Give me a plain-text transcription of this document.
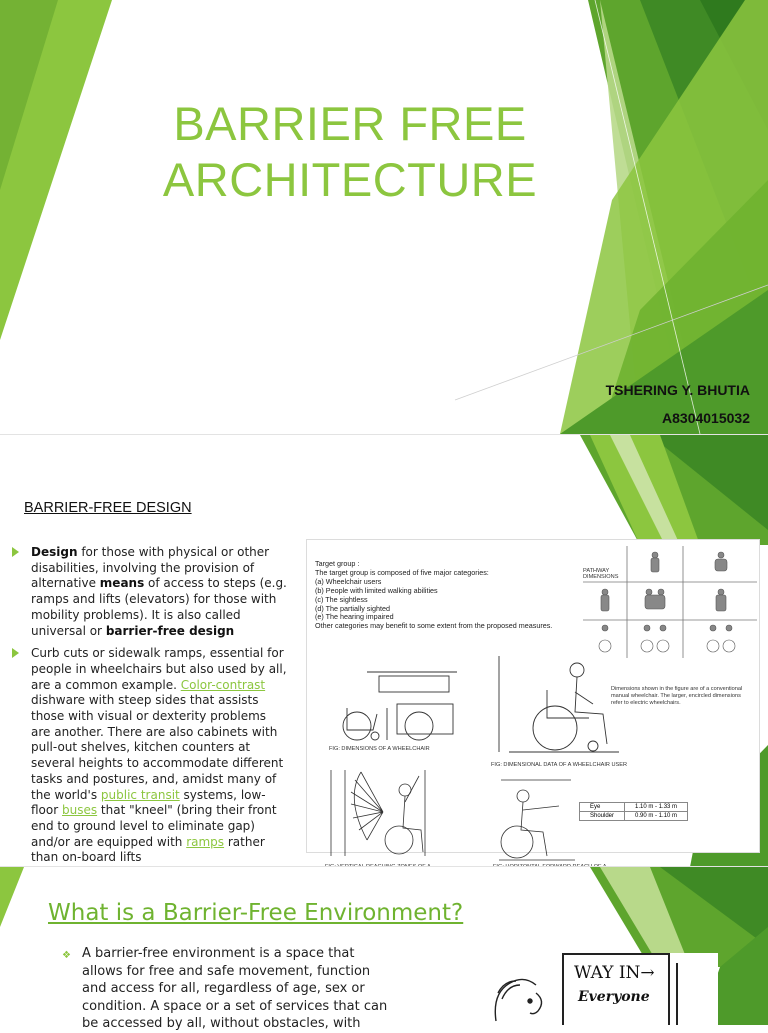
BARRIER FREE
ARCHITECTURE
TSHERING Y. BHUTIA
A8304015032
BARRIER-FREE DESIGN
Design for those with physical or other disabilities, involving the provision of alternative means of access to steps (e.g. ramps and lifts (elevators) for those with mobility problems). It is also called universal or barrier-free design
Curb cuts or sidewalk ramps, essential for people in wheelchairs but also used by all, are a common example. Color-contrast dishware with steep sides that assists those with visual or dexterity problems are another. There are also cabinets with pull-out shelves, kitchen counters at several heights to accommodate different tasks and postures, and, amidst many of the world's public transit systems, low-floor buses that "kneel" (bring their front end to ground level to eliminate gap) and/or are equipped with ramps rather than on-board lifts
Target group :
The target group is composed of five major categories:
(a) Wheelchair users
(b) People with limited walking abilities
(c) The sightless
(d) The partially sighted
(e) The hearing impaired
Other categories may benefit to some extent from the proposed measures.
PATHWAY DIMENSIONS
FIG: DIMENSIONS OF A WHEELCHAIR
FIG: DIMENSIONAL DATA OF A WHEELCHAIR USER
Dimensions shown in the figure are of a conventional manual wheelchair. The larger, encircled dimensions refer to electric wheelchairs.
Eye	1.10 m - 1.33 m
Shoulder	0.90 m - 1.10 m
What is a Barrier-Free Environment?
❖ A barrier-free environment is a space that allows for free and safe movement, function and access for all, regardless of age, sex or condition. A space or a set of services that can be accessed by all, without obstacles, with
WAY IN→
Everyone
